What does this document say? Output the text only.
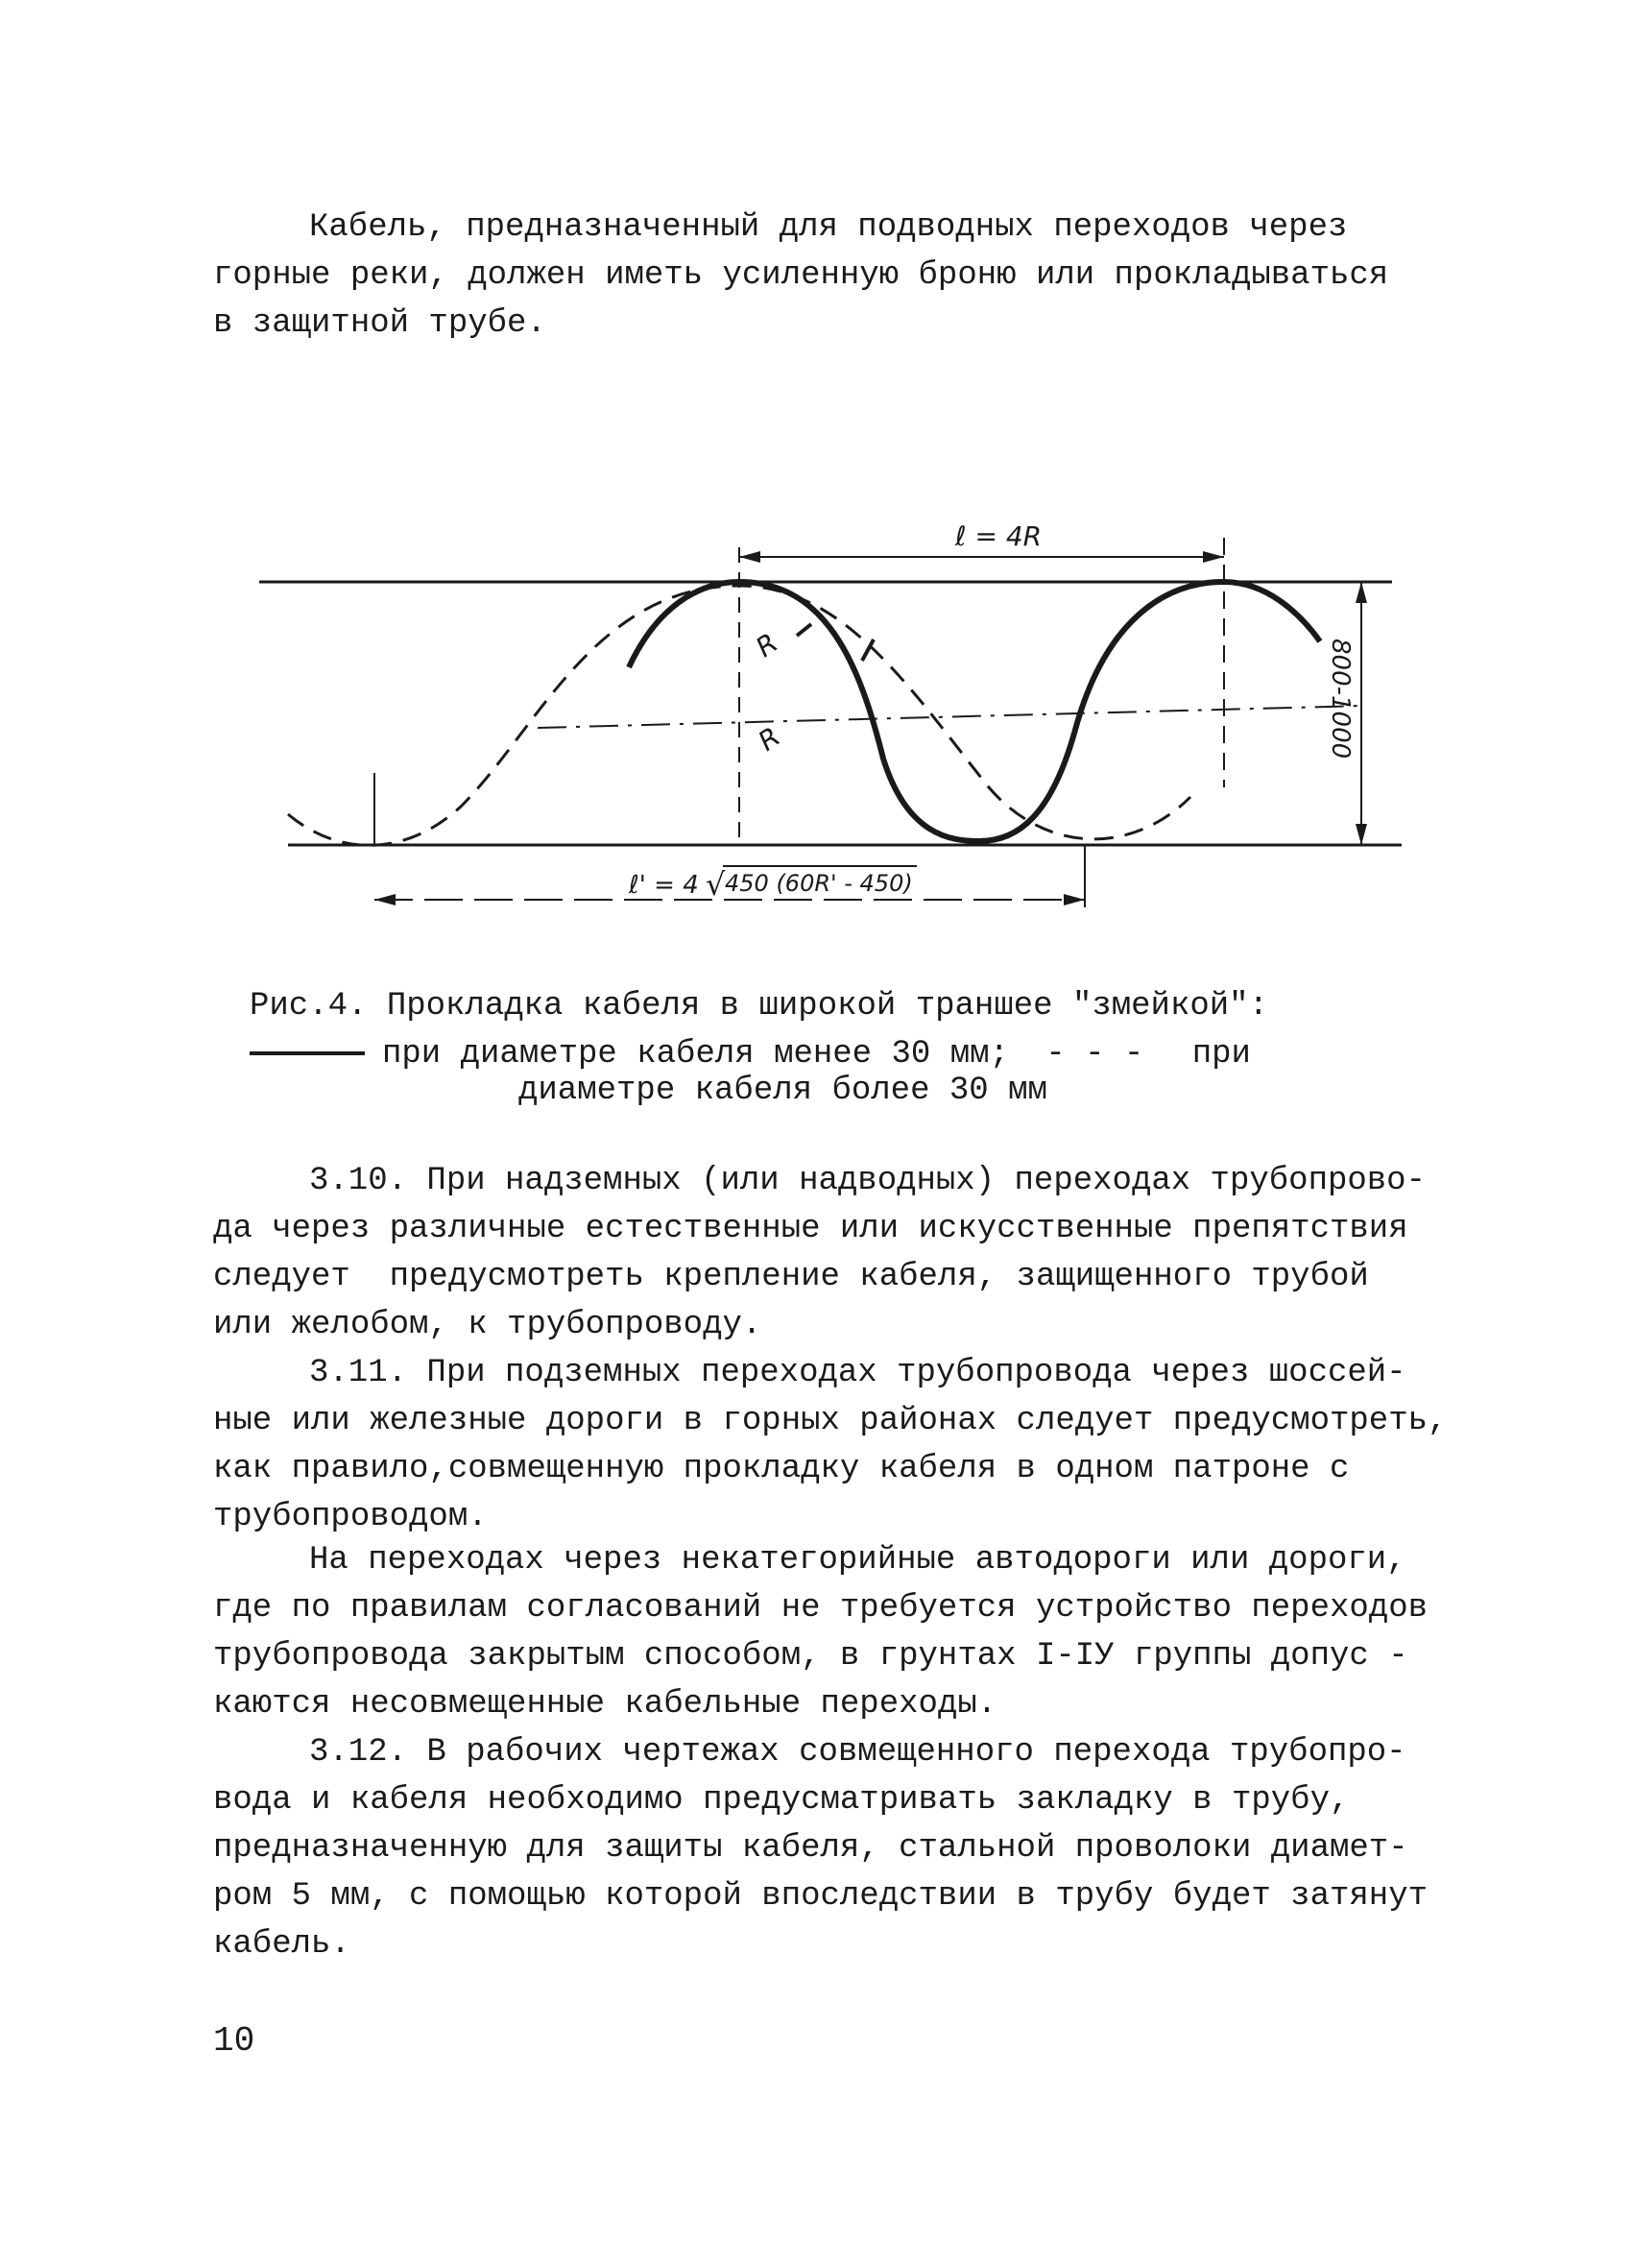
Кабель, предназначенный для подводных переходов через
горные реки, должен иметь усиленную броню или прокладываться
в защитной трубе.
ℓ = 4R
R
R	800-1000
ℓ' = 4 √ 450 (60R' - 450)
Рис.4. Прокладка кабеля в широкой траншее "змейкой":
при диаметре кабеля менее 30 мм; - - - при
диаметре кабеля более 30 мм
3.10. При надземных (или надводных) переходах трубопрово-
да через различные естественные или искусственные препятствия
следует  предусмотреть крепление кабеля, защищенного трубой
или желобом, к трубопроводу.
3.11. При подземных переходах трубопровода через шоссей-
ные или железные дороги в горных районах следует предусмотреть,
как правило,совмещенную прокладку кабеля в одном патроне с
трубопроводом.
На переходах через некатегорийные автодороги или дороги,
где по правилам согласований не требуется устройство переходов
трубопровода закрытым способом, в грунтах I-IУ группы допус -
каются несовмещенные кабельные переходы.
3.12. В рабочих чертежах совмещенного перехода трубопро-
вода и кабеля необходимо предусматривать закладку в трубу,
предназначенную для защиты кабеля, стальной проволоки диамет-
ром 5 мм, с помощью которой впоследствии в трубу будет затянут
кабель.
10
